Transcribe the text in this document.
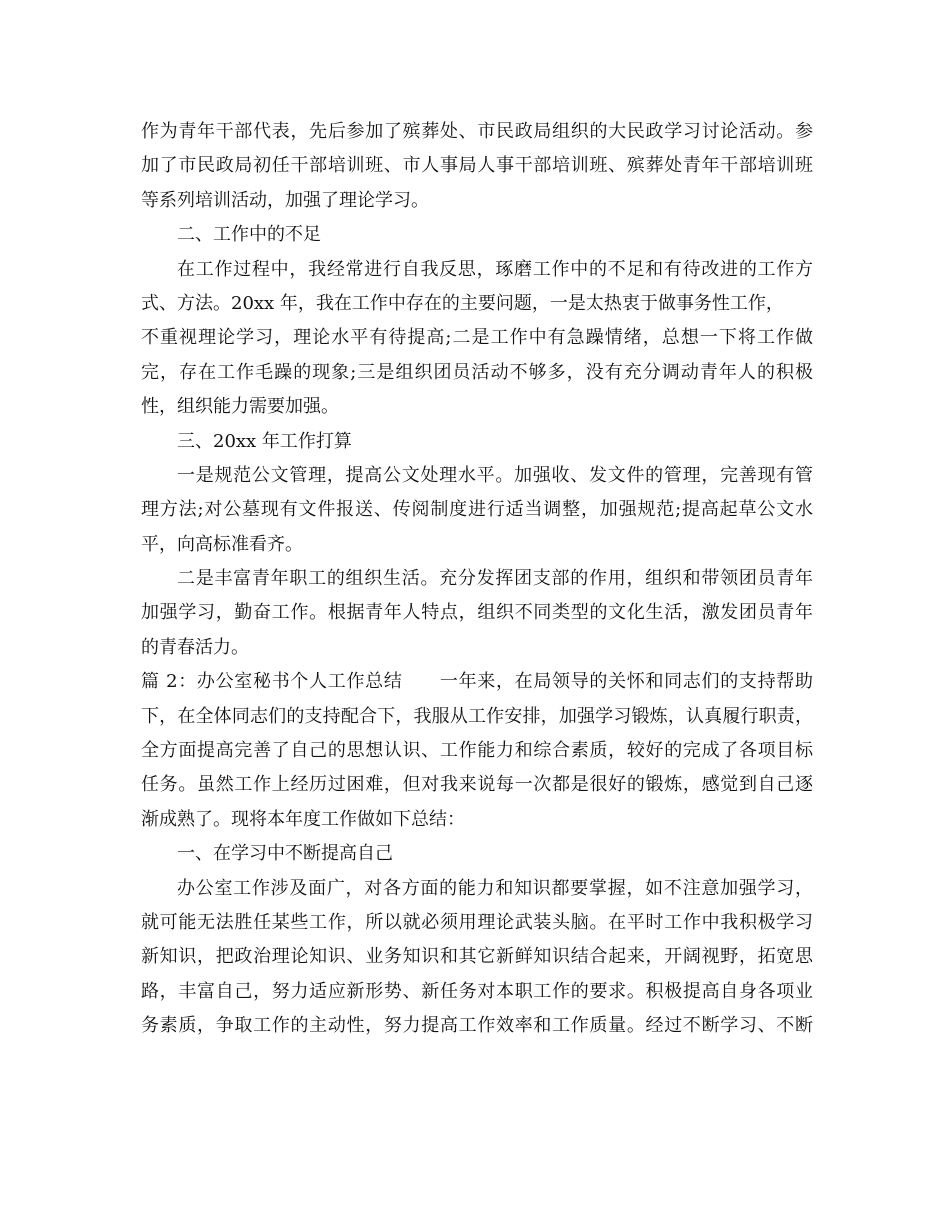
作为青年干部代表，先后参加了殡葬处、市民政局组织的大民政学习讨论活动。参
加了市民政局初任干部培训班、市人事局人事干部培训班、殡葬处青年干部培训班
等系列培训活动，加强了理论学习。
二、工作中的不足
在工作过程中，我经常进行自我反思，琢磨工作中的不足和有待改进的工作方
式、方法。20xx 年，我在工作中存在的主要问题，一是太热衷于做事务性工作，
不重视理论学习，理论水平有待提高;二是工作中有急躁情绪，总想一下将工作做
完，存在工作毛躁的现象;三是组织团员活动不够多，没有充分调动青年人的积极
性，组织能力需要加强。
三、20xx 年工作打算
一是规范公文管理，提高公文处理水平。加强收、发文件的管理，完善现有管
理方法;对公墓现有文件报送、传阅制度进行适当调整，加强规范;提高起草公文水
平，向高标准看齐。
二是丰富青年职工的组织生活。充分发挥团支部的作用，组织和带领团员青年
加强学习，勤奋工作。根据青年人特点，组织不同类型的文化生活，激发团员青年
的青春活力。
篇 2：办公室秘书个人工作总结　　一年来，在局领导的关怀和同志们的支持帮助
下，在全体同志们的支持配合下，我服从工作安排，加强学习锻炼，认真履行职责，
全方面提高完善了自己的思想认识、工作能力和综合素质，较好的完成了各项目标
任务。虽然工作上经历过困难，但对我来说每一次都是很好的锻炼，感觉到自己逐
渐成熟了。现将本年度工作做如下总结：
一、在学习中不断提高自己
办公室工作涉及面广，对各方面的能力和知识都要掌握，如不注意加强学习，
就可能无法胜任某些工作，所以就必须用理论武装头脑。在平时工作中我积极学习
新知识，把政治理论知识、业务知识和其它新鲜知识结合起来，开阔视野，拓宽思
路，丰富自己，努力适应新形势、新任务对本职工作的要求。积极提高自身各项业
务素质，争取工作的主动性，努力提高工作效率和工作质量。经过不断学习、不断
